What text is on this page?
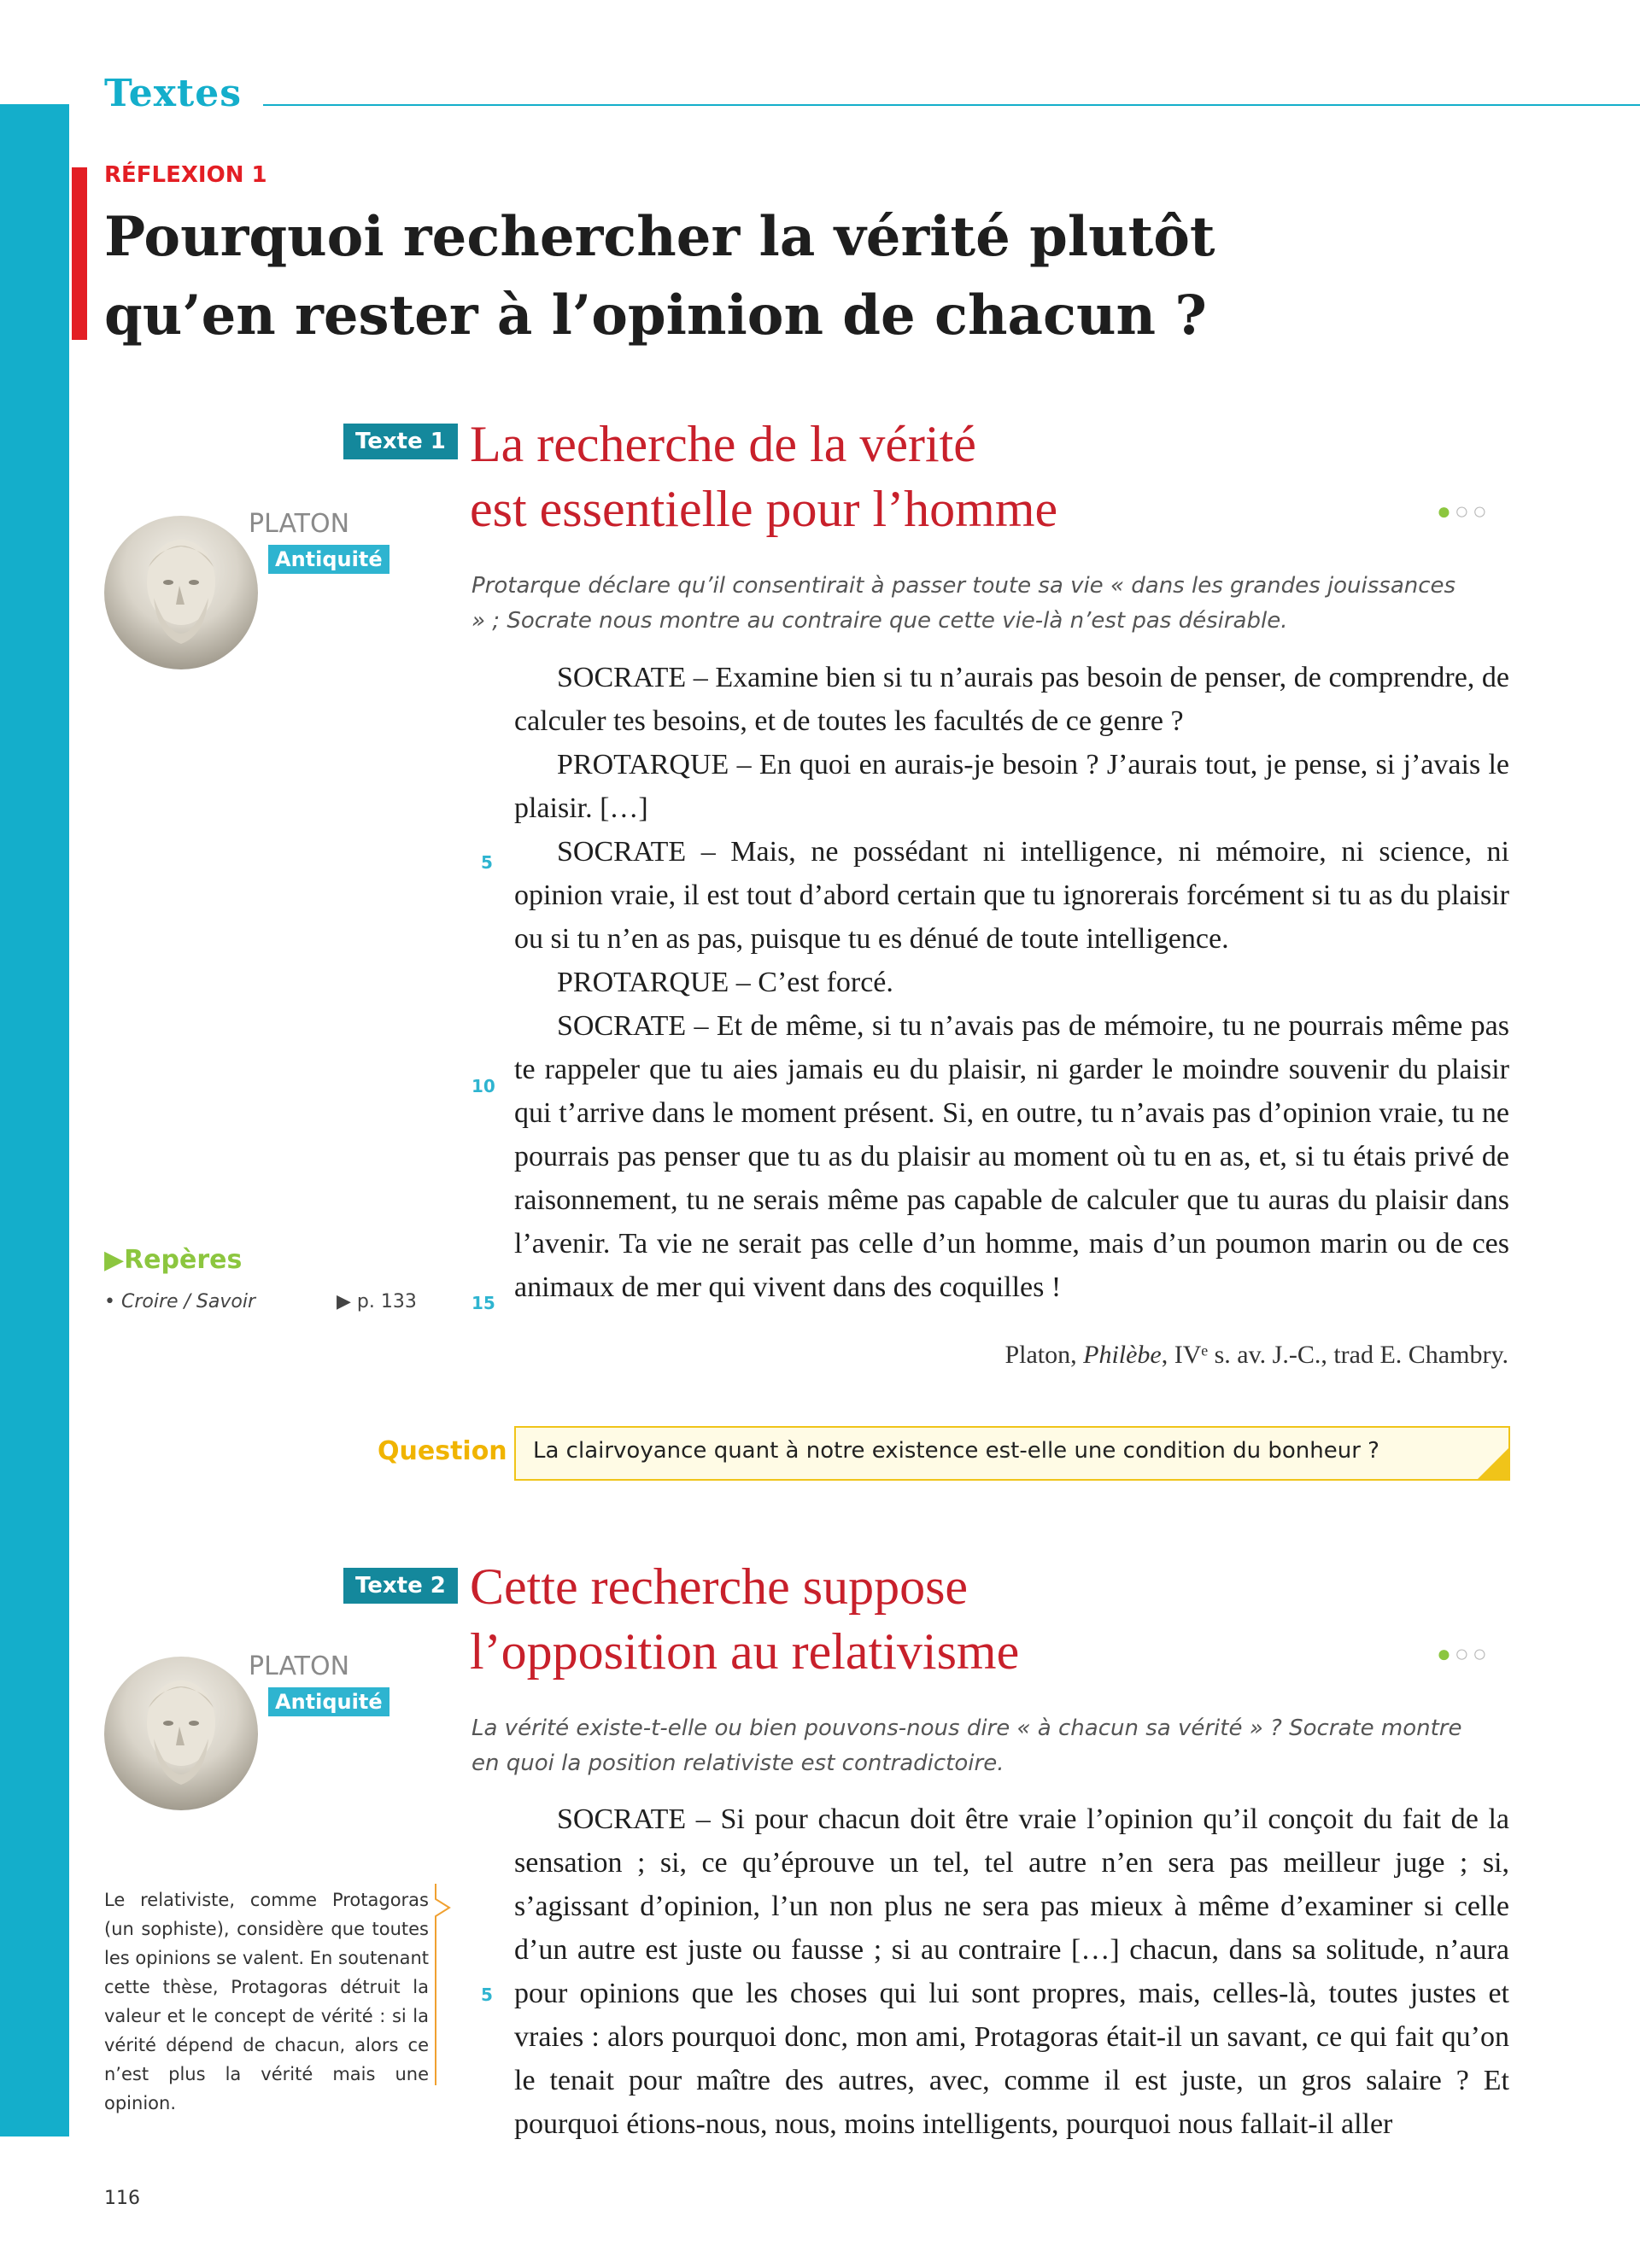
Textes
RÉFLEXION 1
Pourquoi rechercher la vérité plutôt
qu’en rester à l’opinion de chacun ?
Texte 1 La recherche de la vérité
est essentielle pour l’homme	●○○
PLATON
Antiquité
Protarque déclare qu’il consentirait à passer toute sa vie « dans les grandes jouissances » ; Socrate nous montre au contraire que cette vie-là n’est pas désirable.

SOCRATE – Examine bien si tu n’aurais pas besoin de penser, de comprendre, de calculer tes besoins, et de toutes les facultés de ce genre ?

PROTARQUE – En quoi en aurais-je besoin ? J’aurais tout, je pense, si j’avais le plaisir. […]

SOCRATE – Mais, ne possédant ni intelligence, ni mémoire, ni science, ni opinion vraie, il est tout d’abord certain que tu ignorerais forcément si tu as du plaisir ou si tu n’en as pas, puisque tu es dénué de toute intelligence.

PROTARQUE – C’est forcé.

SOCRATE – Et de même, si tu n’avais pas de mémoire, tu ne pourrais même pas te rappeler que tu aies jamais eu du plaisir, ni garder le moindre souvenir du plaisir qui t’arrive dans le moment présent. Si, en outre, tu n’avais pas d’opinion vraie, tu ne pourrais pas penser que tu as du plaisir au moment où tu en as, et, si tu étais privé de raisonnement, tu ne serais même pas capable de calculer que tu auras du plaisir dans l’avenir. Ta vie ne serait pas celle d’un homme, mais d’un poumon marin ou de ces animaux de mer qui vivent dans des coquilles !

5
10
15
Platon, Philèbe, IVᵉ s. av. J.-C., trad E. Chambry.
▶Repères
• Croire / Savoir	▶ p. 133
Question La clairvoyance quant à notre existence est-elle une condition du bonheur ?
Texte 2 Cette recherche suppose
l’opposition au relativisme	●○○
PLATON
Antiquité
La vérité existe-t-elle ou bien pouvons-nous dire « à chacun sa vérité » ? Socrate montre en quoi la position relativiste est contradictoire.

SOCRATE – Si pour chacun doit être vraie l’opinion qu’il conçoit du fait de la sensation ; si, ce qu’éprouve un tel, tel autre n’en sera pas meilleur juge ; si, s’agissant d’opinion, l’un non plus ne sera pas mieux à même d’examiner si celle d’un autre est juste ou fausse ; si au contraire […] chacun, dans sa solitude, n’aura pour opinions que les choses qui lui sont propres, mais, celles-là, toutes justes et vraies : alors pourquoi donc, mon ami, Protagoras était-il un savant, ce qui fait qu’on le tenait pour maître des autres, avec, comme il est juste, un gros salaire ? Et pourquoi étions-nous, nous, moins intelligents, pourquoi nous fallait-il aller

5
Le relativiste, comme Protagoras (un sophiste), considère que toutes les opinions se valent. En soutenant cette thèse, Protagoras détruit la valeur et le concept de vérité : si la vérité dépend de chacun, alors ce n’est plus la vérité mais une opinion.
116
